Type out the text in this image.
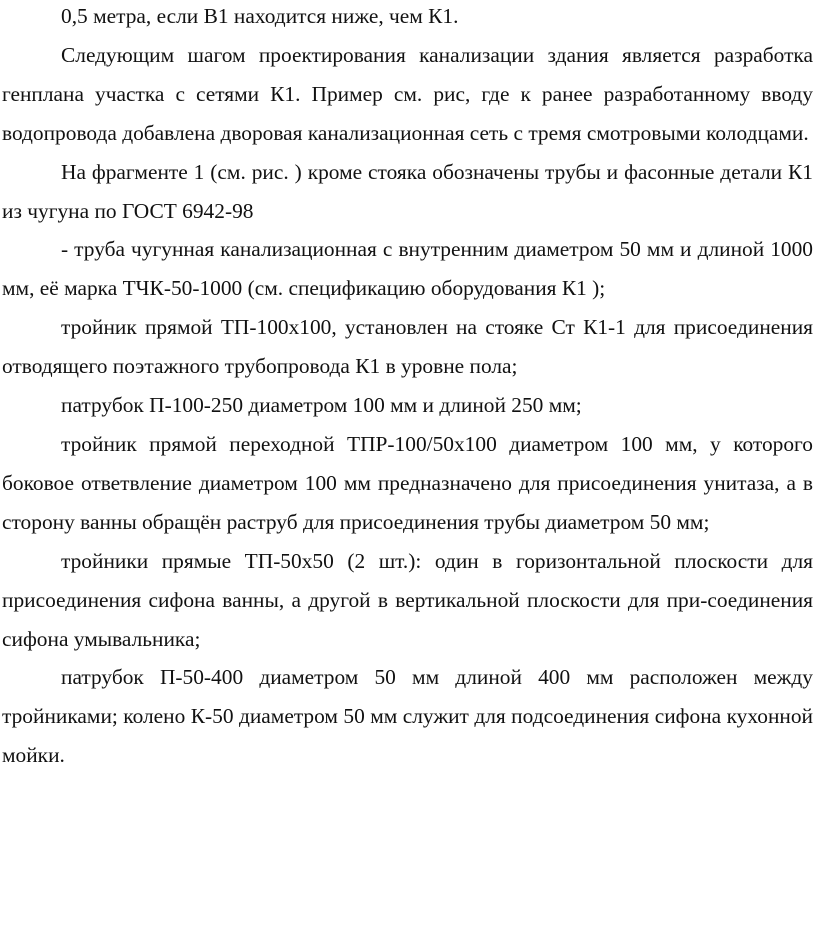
0,5 метра, если В1 находится ниже, чем К1.

Следующим шагом проектирования канализации здания является разработка генплана участка с сетями К1. Пример см. рис, где к ранее разработанному вводу водопровода добавлена дворовая канализационная сеть с тремя смотровыми колодцами.

На фрагменте 1 (см. рис. ) кроме стояка обозначены трубы и фасонные детали К1 из чугуна по ГОСТ 6942-98

- труба чугунная канализационная с внутренним диаметром 50 мм и длиной 1000 мм, её марка ТЧК-50-1000 (см. спецификацию оборудования К1 );

тройник прямой ТП-100х100, установлен на стояке Ст К1-1 для присоединения отводящего поэтажного трубопровода К1 в уровне пола;

патрубок П-100-250 диаметром 100 мм и длиной 250 мм;

тройник прямой переходной ТПР-100/50х100 диаметром 100 мм, у которого боковое ответвление диаметром 100 мм предназначено для присоединения унитаза, а в сторону ванны обращён раструб для присоединения трубы диаметром 50 мм;

тройники прямые ТП-50х50 (2 шт.): один в горизонтальной плоскости для присоединения сифона ванны, а другой в вертикальной плоскости для при-соединения сифона умывальника;

патрубок П-50-400 диаметром 50 мм длиной 400 мм расположен между тройниками; колено К-50 диаметром 50 мм служит для подсоединения сифона кухонной мойки.
